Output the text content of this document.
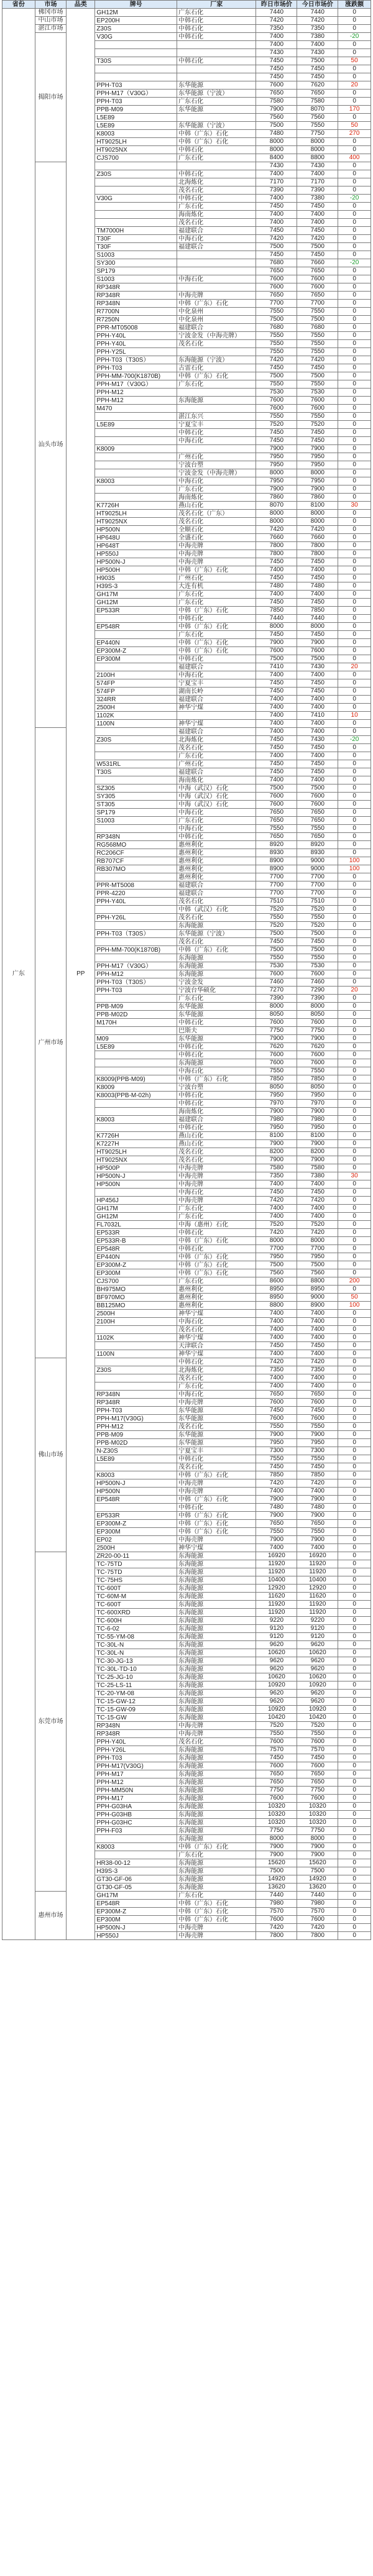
省份	市场	品类	牌号	厂家	昨日市场价	今日市场价	涨跌额
广东	佛冈市场	PP	GH12M	广东石化	7440	7440	0
	中山市场		EP200H	中韩石化	7420	7420	0
	湛江市场		Z30S	中韩石化	7350	7350	0
	揭阳市场		V30G	中韩石化	7400	7380	-20
					7400	7400	0
					7430	7430	0
			T30S	中韩石化	7450	7500	50
					7450	7450	0
					7450	7450	0
			PPH-T03	东华能源	7600	7620	20
			PPH-M17（V30G）	东华能源（宁波）	7650	7650	0
			PPH-T03	广东石化	7580	7580	0
			PPB-M09	东华能源	7900	8070	170
			L5E89		7560	7560	0
			L5E89	东华能源（宁波）	7500	7550	50
			K8003	中韩（广东）石化	7480	7750	270
			HT9025LH	中韩（广东）石化	8000	8000	0
			HT9025NX	中韩石化	8000	8000	0
			CJS700	广东石化	8400	8800	400
	汕头市场				7430	7430	0
			Z30S	中韩石化	7400	7400	0
				北海炼化	7170	7170	0
				茂名石化	7390	7390	0
			V30G	中韩石化	7400	7380	-20
				广东石化	7450	7450	0
				海南炼化	7400	7400	0
				茂名石化	7400	7400	0
			TM7000H	福建联合	7450	7450	0
			T30F	中海石化	7420	7420	0
			T30F	福建联合	7500	7500	0
			S1003		7450	7450	0
			SY300		7680	7660	-20
			SP179		7650	7650	0
			S1003	中海石化	7600	7600	0
			RP348R		7600	7600	0
			RP348R	中海壳牌	7650	7650	0
			RP348N	中韩（广东）石化	7700	7700	0
			R7700N	中化泉州	7550	7550	0
			R7250N	中化泉州	7500	7500	0
			PPR-MT05008	福建联合	7680	7680	0
			PPH-Y40L	宁波金发（中海壳牌）	7550	7550	0
			PPH-Y40L	茂名石化	7550	7550	0
			PPH-Y25L		7550	7550	0
			PPH-T03（T30S）	东海能源（宁波）	7420	7420	0
			PPH-T03	古雷石化	7450	7450	0
			PPH-MM-700(K1870B)	中韩（广东）石化	7500	7500	0
			PPH-M17（V30G）	广东石化	7550	7550	0
			PPH-M12		7530	7530	0
			PPH-M12	东海能源	7600	7600	0
			M470		7600	7600	0
				湛江东兴	7550	7550	0
			L5E89	宁夏宝丰	7520	7520	0
				中韩石化	7450	7450	0
				中海石化	7450	7450	0
			K8009		7900	7900	0
				广州石化	7950	7950	0
				宁波台塑	7950	7950	0
				宁波金发（中海壳牌）	8000	8000	0
			K8003	中海石化	7950	7950	0
				广东石化	7900	7900	0
				海南炼化	7860	7860	0
			K7726H	燕山石化	8070	8100	30
			HT9025LH	茂名石化（广东）	8000	8000	0
			HT9025NX	茂名石化	8000	8000	0
			HP500N	全顺石化	7420	7420	0
			HP648U	全盛石化	7660	7660	0
			HP648T	中海壳牌	7800	7800	0
			HP550J	中海壳牌	7800	7800	0
			HP500N-J	中海壳牌	7450	7450	0
			HP500H	中韩（广东）石化	7400	7400	0
			H9035	广州石化	7450	7450	0
			H39S-3	大连有机	7480	7480	0
			GH17M	广东石化	7400	7400	0
			GH12M	广东石化	7450	7450	0
			EP533R	中韩（广东）石化	7850	7850	0
				中韩石化	7440	7440	0
			EP548R	中韩（广东）石化	8000	8000	0
				广东石化	7450	7450	0
			EP440N	中韩（广东）石化	7900	7900	0
			EP300M-Z	中韩（广东）石化	7600	7600	0
			EP300M	中韩石化	7500	7500	0
				福建联合	7410	7430	20
			2100H	中海石化	7400	7400	0
			574FP	宁夏宝丰	7450	7450	0
			574FP	湖南长岭	7450	7450	0
			324RR	福建联合	7400	7400	0
			2500H	神华宁煤	7400	7400	0
			1102K		7400	7410	10
			1100N	神华宁煤	7400	7400	0
	广州市场			福建联合	7400	7400	0
			Z30S	北海炼化	7450	7430	-20
				茂名石化	7450	7450	0
				广东石化	7400	7400	0
			W531RL	广州石化	7450	7450	0
			T30S	福建联合	7450	7450	0
				海南炼化	7400	7400	0
			SZ305	中海（武汉）石化	7500	7500	0
			SY305	中海（武汉）石化	7600	7600	0
			ST305	中海（武汉）石化	7600	7600	0
			SP179	中海石化	7650	7650	0
			S1003	广东石化	7650	7650	0
				中海石化	7550	7550	0
			RP348N	中韩石化	7650	7650	0
			RG568MO	惠州利化	8920	8920	0
			RC206CF	惠州利化	8930	8930	0
			RB707CF	惠州利化	8900	9000	100
			RB307MO	惠州利化	8900	9000	100
				惠州利化	7700	7700	0
			PPR-MT5008	福建联合	7700	7700	0
			PPR-4220	福建联合	7700	7700	0
			PPH-Y40L	茂名石化	7510	7510	0
				中韩（武汉）石化	7520	7520	0
			PPH-Y26L	茂名石化	7550	7550	0
				东海能源	7520	7520	0
			PPH-T03（T30S）	东华能源（宁波）	7500	7500	0
				茂名石化	7450	7450	0
			PPH-MM-700(K1870B)	中韩（广东）石化	7500	7500	0
				东海能源	7550	7550	0
			PPH-M17（V30G）	东海能源	7530	7530	0
			PPH-M12	东海能源	7600	7600	0
			PPH-T03（T30S）	宁波金发	7460	7460	0
			PPH-T03	宁波台华硕化	7270	7290	20
				广东石化	7390	7390	0
			PPB-M09	东华能源	8000	8000	0
			PPB-M02D	东华能源	8050	8050	0
			M170H	中韩石化	7600	7600	0
				巴斯夫	7750	7750	0
			M09	东华能源	7900	7900	0
			L5E89	中韩石化	7620	7620	0
				中韩石化	7600	7600	0
				东海能源	7600	7600	0
				中海石化	7550	7550	0
			K8009(PPB-M09)	中韩（广东）石化	7850	7850	0
			K8009	宁波台塑	8050	8050	0
			K8003(PPB-M-02h)	中韩石化	7950	7950	0
				中韩石化	7970	7970	0
				海南炼化	7900	7900	0
			K8003	福建联合	7980	7980	0
				中韩石化	7950	7950	0
			K7726H	燕山石化	8100	8100	0
			K7227H	燕山石化	7900	7900	0
			HT9025LH	茂名石化	8200	8200	0
			HT9025NX	茂名石化	7900	7900	0
			HP500P	中海壳牌	7580	7580	0
			HP500N-J	中海壳牌	7350	7380	30
			HP500N	中海壳牌	7400	7400	0
				中海石化	7450	7450	0
			HP456J	中海壳牌	7420	7420	0
			GH17M	广东石化	7400	7400	0
			GH12M	广东石化	7400	7400	0
			FL7032L	中海（惠州）石化	7520	7520	0
			EP533R	中韩石化	7420	7420	0
			EP533R-B	中韩（广东）石化	8000	8000	0
			EP548R	中韩石化	7700	7700	0
			EP440N	中韩（广东）石化	7950	7950	0
			EP300M-Z	中韩（广东）石化	7500	7500	0
			EP300M	中韩（广东）石化	7560	7560	0
			CJS700	广东石化	8600	8800	200
			BH975MO	惠州利化	8950	8950	0
			BF970MO	惠州利化	8950	9000	50
			BB125MO	惠州利化	8800	8900	100
			2500H	神华宁煤	7400	7400	0
			2100H	中海石化	7400	7400	0
				茂名石化	7400	7400	0
			1102K	神华宁煤	7400	7400	0
				天津联合	7450	7450	0
			1100N	神华宁煤	7400	7400	0
	佛山市场			中韩石化	7420	7420	0
			Z30S	北海炼化	7350	7350	0
				茂名石化	7400	7400	0
				广东石化	7400	7400	0
			RP348N	中海石化	7650	7650	0
			RP348R	中海壳牌	7600	7600	0
			PPH-T03	东华能源	7450	7450	0
			PPH-M17(V30G)	东华能源	7600	7600	0
			PPH-M12	茂名石化	7550	7550	0
			PPB-M09	东华能源	7900	7900	0
			PPB-M02D	东华能源	7950	7950	0
			N-Z30S	宁夏宝丰	7300	7300	0
			L5E89	中韩石化	7550	7550	0
				茂名石化	7450	7450	0
			K8003	中韩（广东）石化	7850	7850	0
			HP500N-J	中海壳牌	7420	7420	0
			HP500N	中海壳牌	7400	7400	0
			EP548R	中韩（广东）石化	7900	7900	0
				中韩石化	7480	7480	0
			EP533R	中韩（广东）石化	7900	7900	0
			EP300M-Z	中韩（广东）石化	7650	7650	0
			EP300M	中韩（广东）石化	7550	7550	0
			EP02	中海壳牌	7900	7900	0
			2500H	神华宁煤	7400	7400	0
	东莞市场		ZR20-00-11	东海能源	16920	16920	0
			TC-75TD	东海能源	11920	11920	0
			TC-75TD	东海能源	11920	11920	0
			TC-75HS	东海能源	10400	10400	0
			TC-600T	东海能源	12920	12920	0
			TC-60M-M	东海能源	11620	11620	0
			TC-600T	东海能源	11920	11920	0
			TC-600XRD	东海能源	11920	11920	0
			TC-600H	东海能源	9220	9220	0
			TC-6-02	东海能源	9120	9120	0
			TC-55-YM-08	东海能源	9120	9120	0
			TC-30L-N	东海能源	9620	9620	0
			TC-30L-N	东海能源	10620	10620	0
			TC-30-JG-13	东海能源	9620	9620	0
			TC-30L-TD-10	东海能源	9620	9620	0
			TC-25-JG-10	东海能源	10620	10620	0
			TC-25-LS-11	东海能源	10920	10920	0
			TC-20-YM-08	东海能源	9620	9620	0
			TC-15-GW-12	东海能源	9620	9620	0
			TC-15-GW-09	东海能源	10920	10920	0
			TC-15-GW	东海能源	10420	10420	0
			RP348N	中海壳牌	7520	7520	0
			RP348R	中海壳牌	7550	7550	0
			PPH-Y40L	茂名石化	7600	7600	0
			PPH-Y26L	东海能源	7570	7570	0
			PPH-T03	东海能源	7450	7450	0
			PPH-M17(V30G)	东海能源	7600	7600	0
			PPH-M17	东海能源	7650	7650	0
			PPH-M12	东海能源	7650	7650	0
			PPH-MM50N	东海能源	7750	7750	0
			PPH-M17	东海能源	7600	7600	0
			PPH-G03HA	东海能源	10320	10320	0
			PPH-G03HB	东海能源	10320	10320	0
			PPH-G03HC	东海能源	10320	10320	0
			PPH-F03	东海能源	7750	7750	0
				东海能源	8000	8000	0
			K8003	中韩（广东）石化	7900	7900	0
				广东石化	7900	7900	0
			HR38-00-12	东海能源	15620	15620	0
			H39S-3	东海能源	7500	7500	0
			GT30-GF-06	东海能源	14920	14920	0
			GT30-GF-05	东海能源	13620	13620	0
	惠州市场		GH17M	广东石化	7440	7440	0
			EP548R	中韩（广东）石化	7980	7980	0
			EP300M-Z	中韩（广东）石化	7570	7570	0
			EP300M	中韩（广东）石化	7600	7600	0
			HP500N-J	中海壳牌	7420	7420	0
			HP550J	中海壳牌	7800	7800	0
